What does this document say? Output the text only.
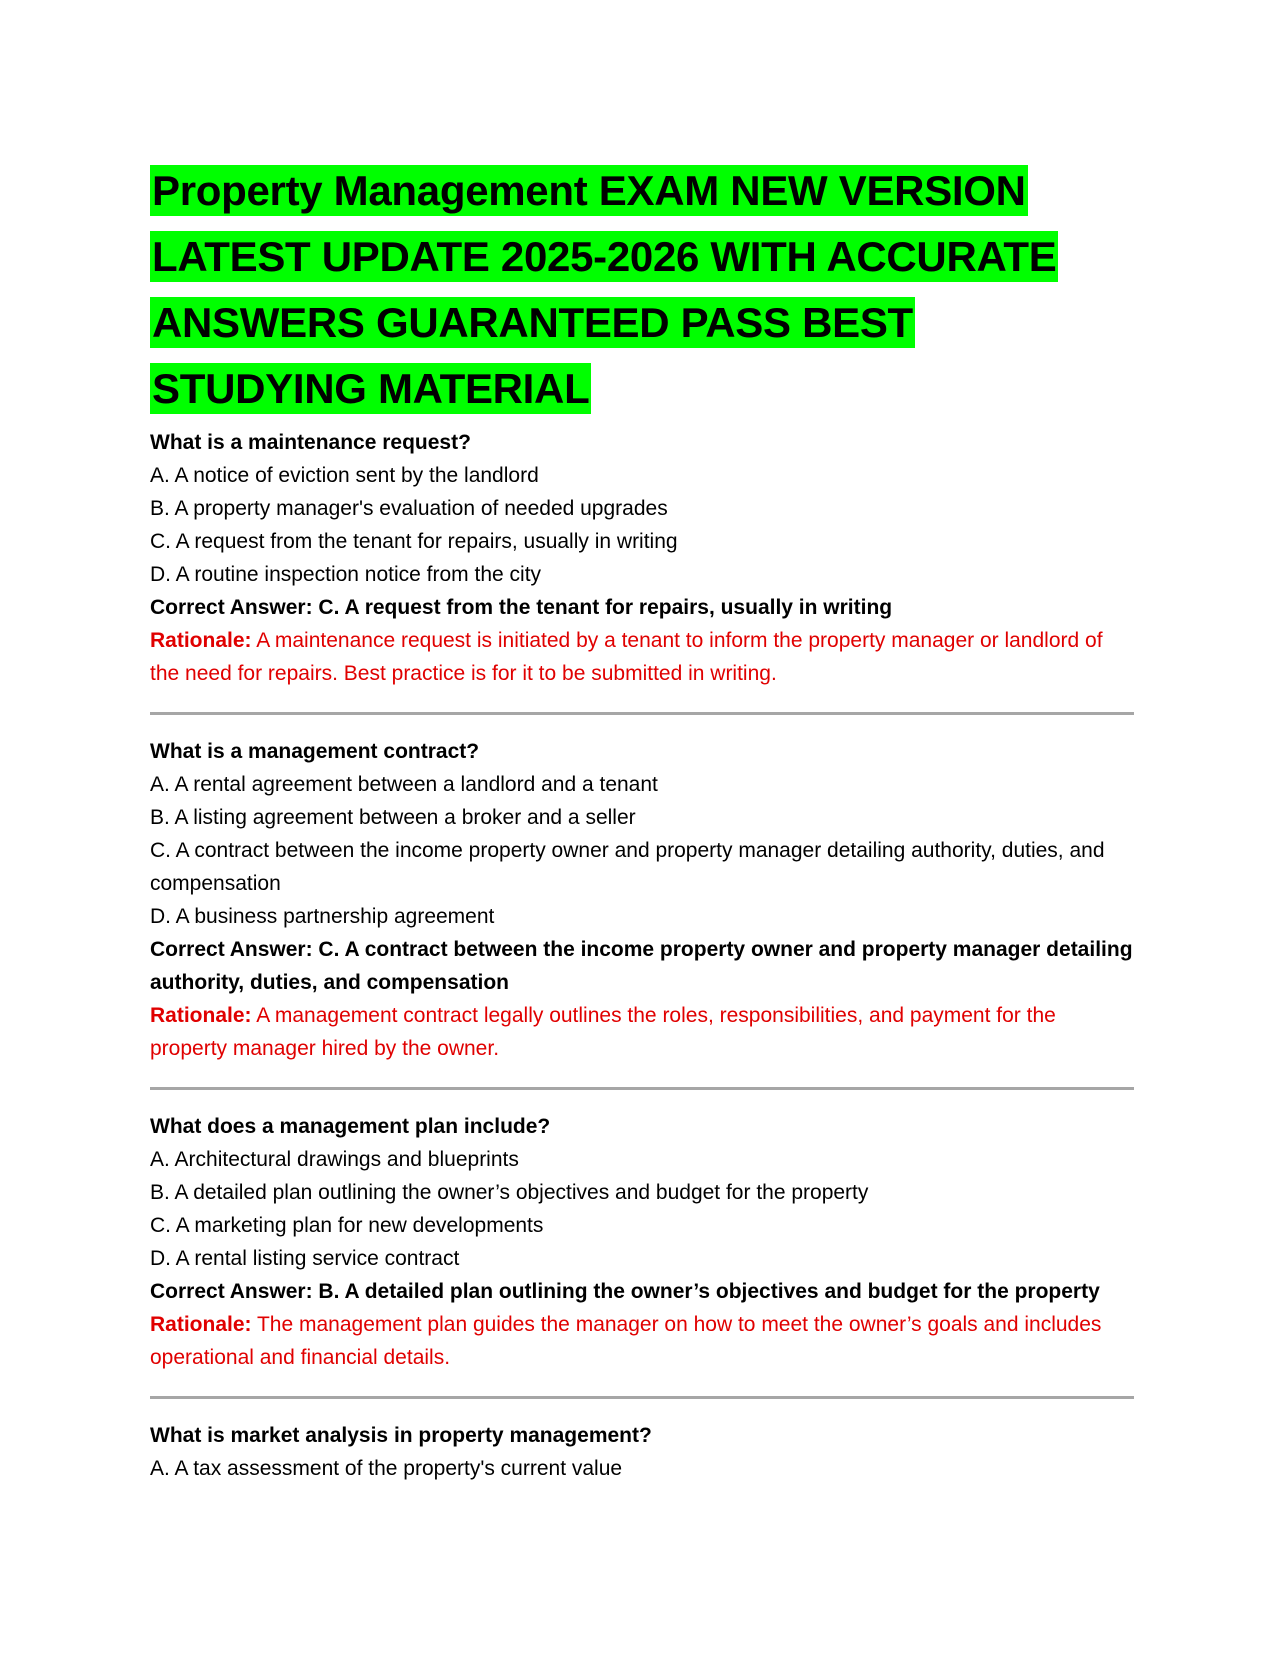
Property Management EXAM NEW VERSION LATEST UPDATE 2025-2026 WITH ACCURATE ANSWERS GUARANTEED PASS BEST STUDYING MATERIAL
What is a maintenance request?
A. A notice of eviction sent by the landlord
B. A property manager's evaluation of needed upgrades
C. A request from the tenant for repairs, usually in writing
D. A routine inspection notice from the city
Correct Answer: C. A request from the tenant for repairs, usually in writing
Rationale: A maintenance request is initiated by a tenant to inform the property manager or landlord of the need for repairs. Best practice is for it to be submitted in writing.
What is a management contract?
A. A rental agreement between a landlord and a tenant
B. A listing agreement between a broker and a seller
C. A contract between the income property owner and property manager detailing authority, duties, and compensation
D. A business partnership agreement
Correct Answer: C. A contract between the income property owner and property manager detailing authority, duties, and compensation
Rationale: A management contract legally outlines the roles, responsibilities, and payment for the property manager hired by the owner.
What does a management plan include?
A. Architectural drawings and blueprints
B. A detailed plan outlining the owner’s objectives and budget for the property
C. A marketing plan for new developments
D. A rental listing service contract
Correct Answer: B. A detailed plan outlining the owner’s objectives and budget for the property
Rationale: The management plan guides the manager on how to meet the owner’s goals and includes operational and financial details.
What is market analysis in property management?
A. A tax assessment of the property's current value
